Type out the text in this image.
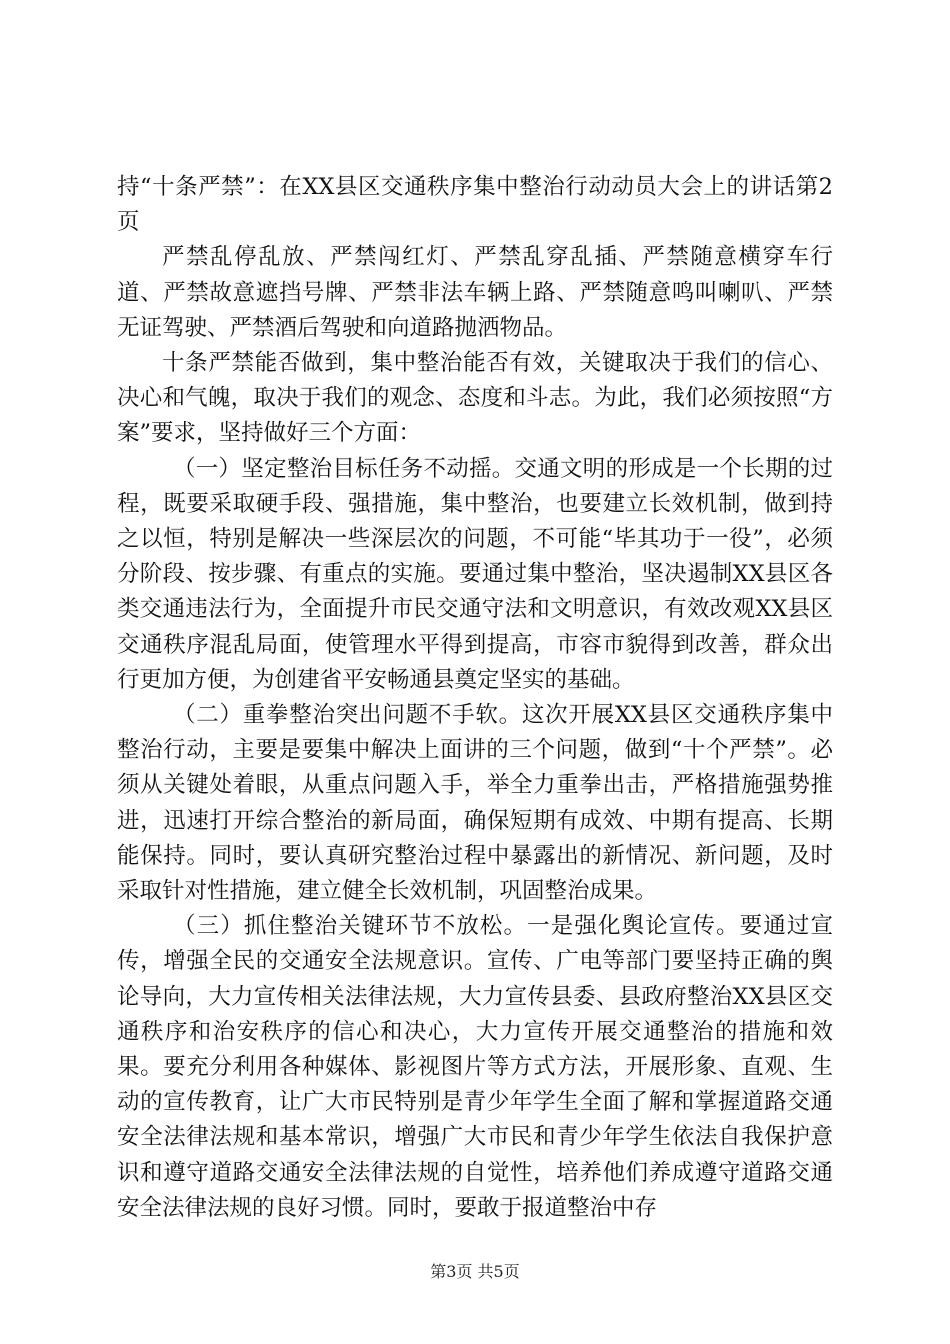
持“十条严禁”：在XX县区交通秩序集中整治行动动员大会上的讲话第2页

严禁乱停乱放、严禁闯红灯、严禁乱穿乱插、严禁随意横穿车行道、严禁故意遮挡号牌、严禁非法车辆上路、严禁随意鸣叫喇叭、严禁无证驾驶、严禁酒后驾驶和向道路抛洒物品。

十条严禁能否做到，集中整治能否有效，关键取决于我们的信心、决心和气魄，取决于我们的观念、态度和斗志。为此，我们必须按照“方案”要求，坚持做好三个方面：

（一）坚定整治目标任务不动摇。交通文明的形成是一个长期的过程，既要采取硬手段、强措施，集中整治，也要建立长效机制，做到持之以恒，特别是解决一些深层次的问题，不可能“毕其功于一役”，必须分阶段、按步骤、有重点的实施。要通过集中整治，坚决遏制XX县区各类交通违法行为，全面提升市民交通守法和文明意识，有效改观XX县区交通秩序混乱局面，使管理水平得到提高，市容市貌得到改善，群众出行更加方便，为创建省平安畅通县奠定坚实的基础。

（二）重拳整治突出问题不手软。这次开展XX县区交通秩序集中整治行动，主要是要集中解决上面讲的三个问题，做到“十个严禁”。必须从关键处着眼，从重点问题入手，举全力重拳出击，严格措施强势推进，迅速打开综合整治的新局面，确保短期有成效、中期有提高、长期能保持。同时，要认真研究整治过程中暴露出的新情况、新问题，及时采取针对性措施，建立健全长效机制，巩固整治成果。

（三）抓住整治关键环节不放松。一是强化舆论宣传。要通过宣传，增强全民的交通安全法规意识。宣传、广电等部门要坚持正确的舆论导向，大力宣传相关法律法规，大力宣传县委、县政府整治XX县区交通秩序和治安秩序的信心和决心，大力宣传开展交通整治的措施和效果。要充分利用各种媒体、影视图片等方式方法，开展形象、直观、生动的宣传教育，让广大市民特别是青少年学生全面了解和掌握道路交通安全法律法规和基本常识，增强广大市民和青少年学生依法自我保护意识和遵守道路交通安全法律法规的自觉性，培养他们养成遵守道路交通安全法律法规的良好习惯。同时，要敢于报道整治中存

第3页 共5页
